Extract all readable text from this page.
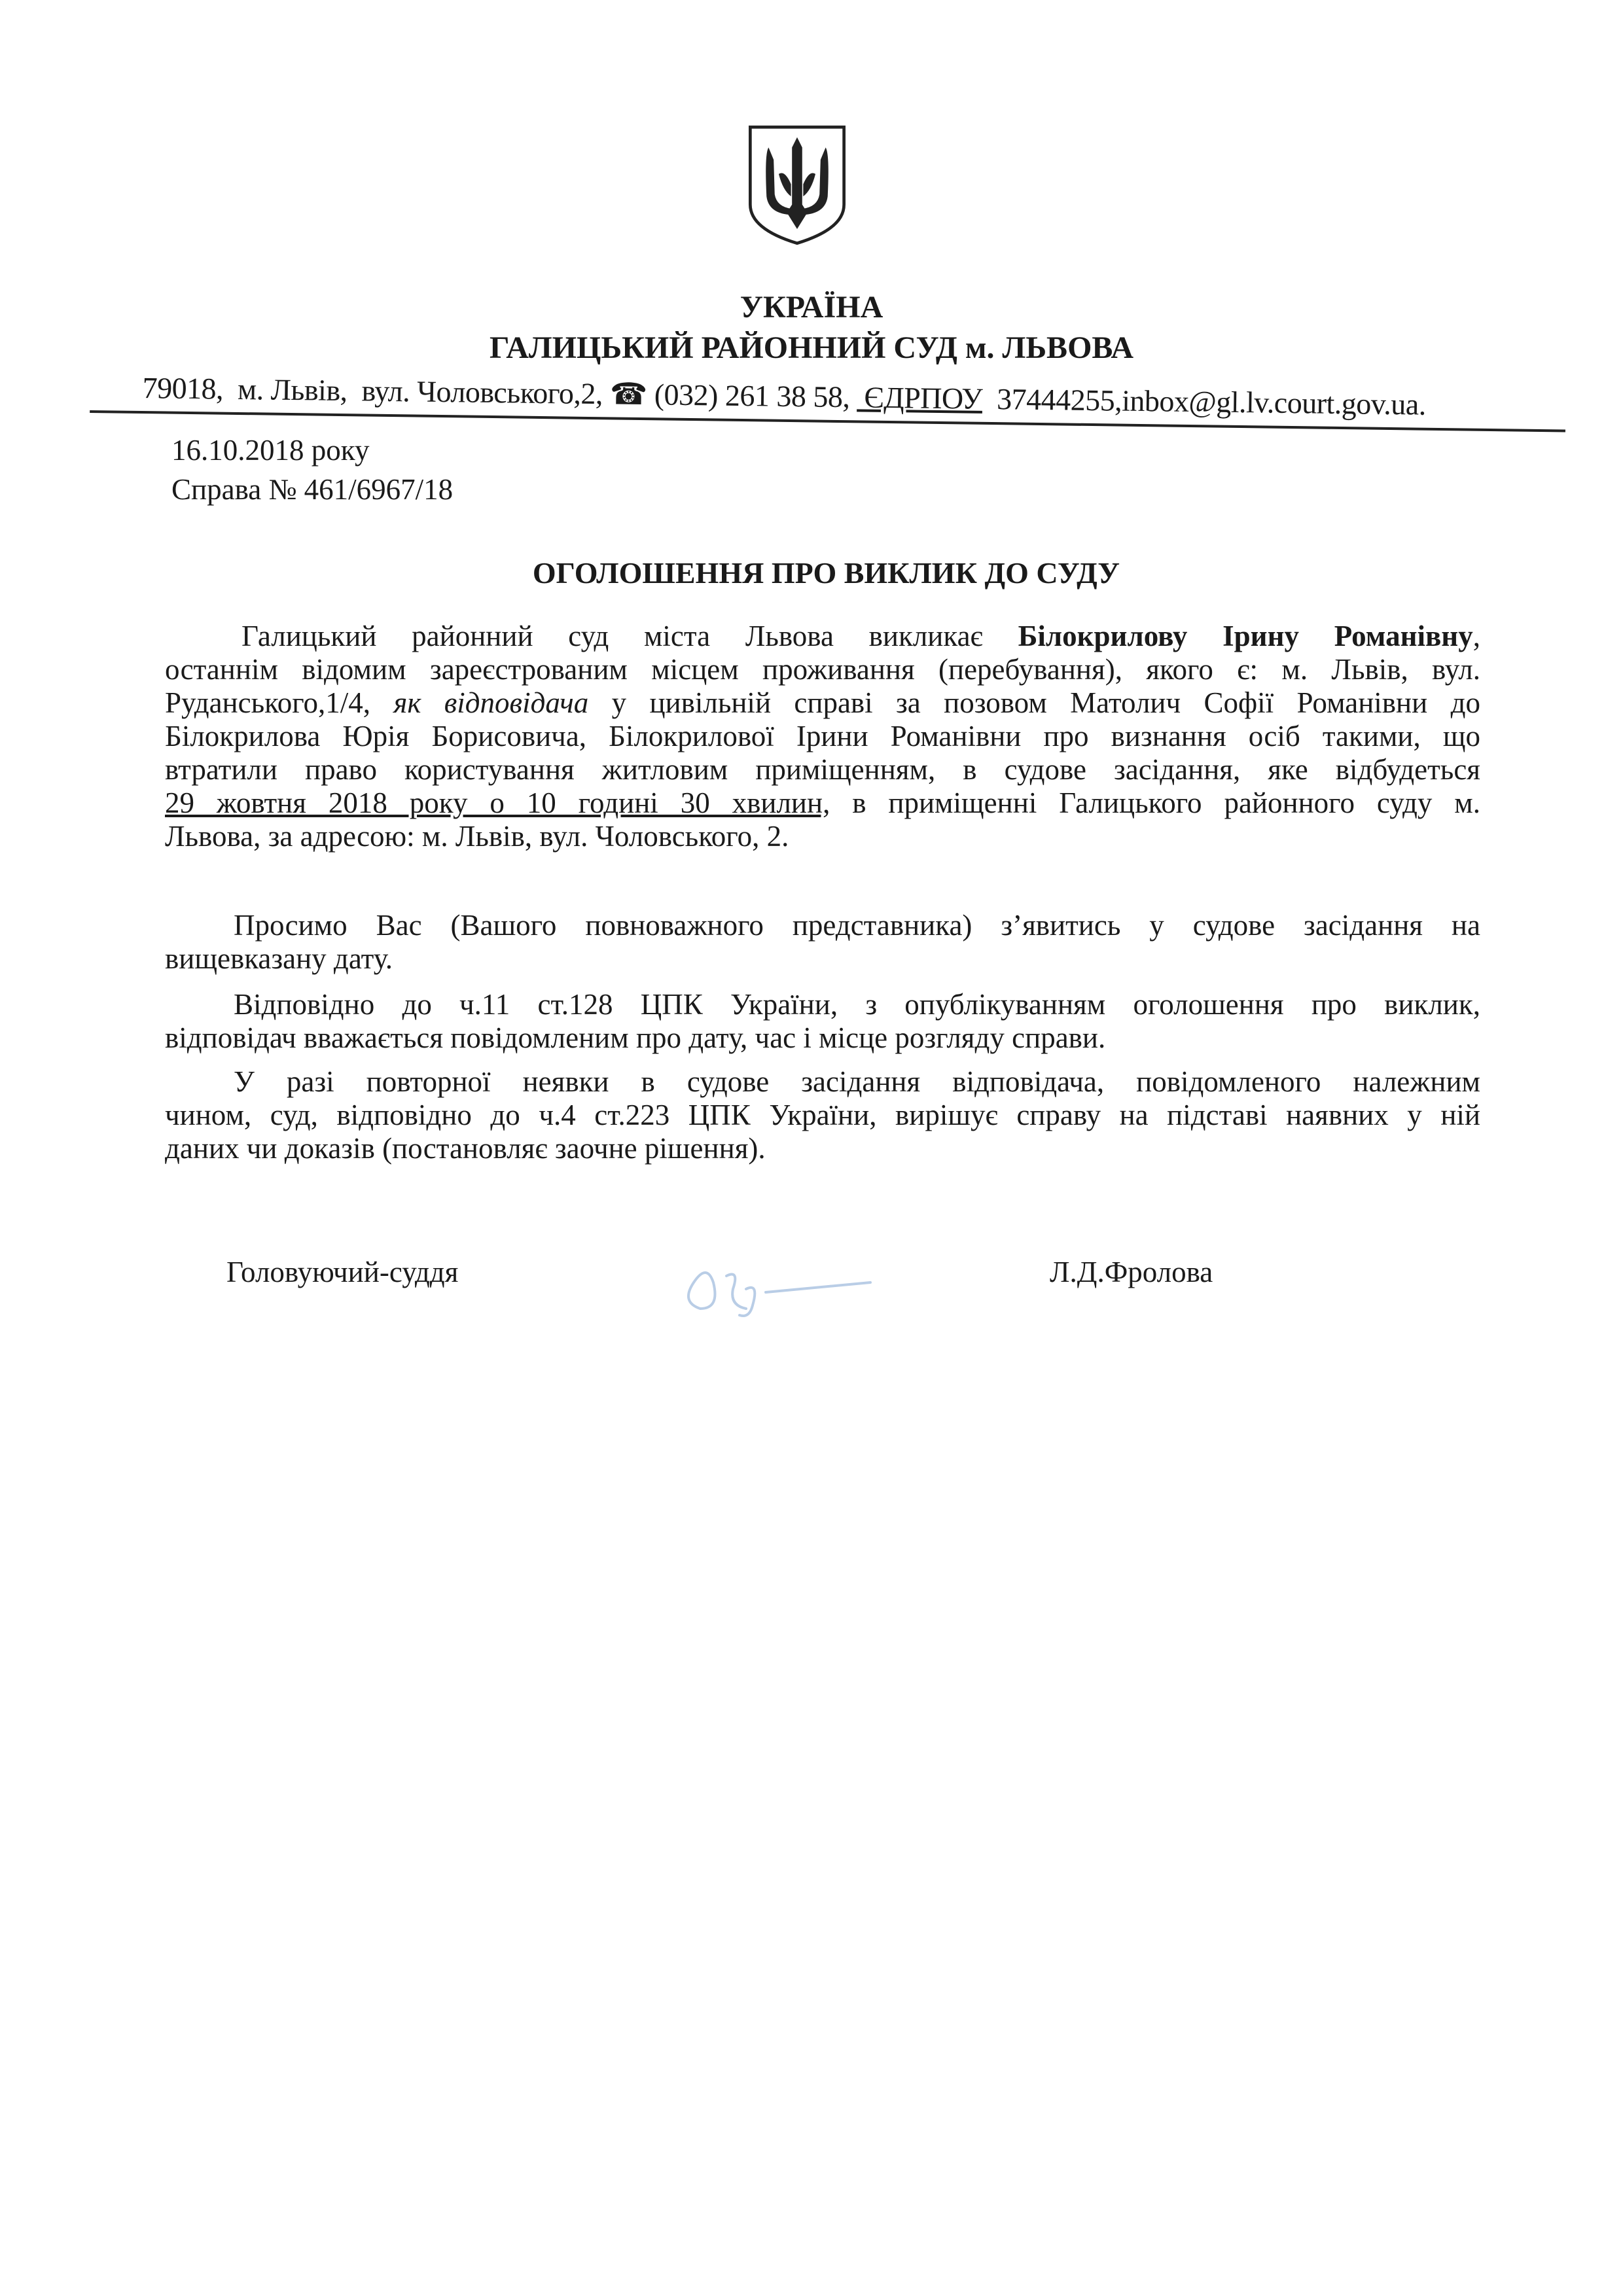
УКРАЇНА
ГАЛИЦЬКИЙ РАЙОННИЙ СУД м. ЛЬВОВА
79018,  м. Львів,  вул. Чоловського,2, ☎ (032) 261 38 58,  ЄДРПОУ  37444255,inbox@gl.lv.court.gov.ua.
16.10.2018 року
Справа № 461/6967/18
ОГОЛОШЕННЯ ПРО ВИКЛИК ДО СУДУ
Галицький районний суд міста Львова викликає Білокрилову Ірину Романівну,
останнім відомим зареєстрованим місцем проживання (перебування), якого є: м. Львів, вул.
Руданського,1/4, як відповідача у цивільній справі за позовом Матолич Софії Романівни до
Білокрилова Юрія Борисовича, Білокрилової Ірини Романівни про визнання осіб такими, що
втратили право користування житловим приміщенням, в судове засідання, яке відбудеться
29 жовтня 2018 року о 10 годині 30 хвилин, в приміщенні Галицького районного суду м.
Львова, за адресою: м. Львів, вул. Чоловського, 2.
Просимо Вас (Вашого повноважного представника) з’явитись у судове засідання на
вищевказану дату.
Відповідно до ч.11 ст.128 ЦПК України, з опублікуванням оголошення про виклик,
відповідач вважається повідомленим про дату, час і місце розгляду справи.
У разі повторної неявки в судове засідання відповідача, повідомленого належним
чином, суд, відповідно до ч.4 ст.223 ЦПК України, вирішує справу на підставі наявних у ній
даних чи доказів (постановляє заочне рішення).
Головуючий-суддя	Л.Д.Фролова
